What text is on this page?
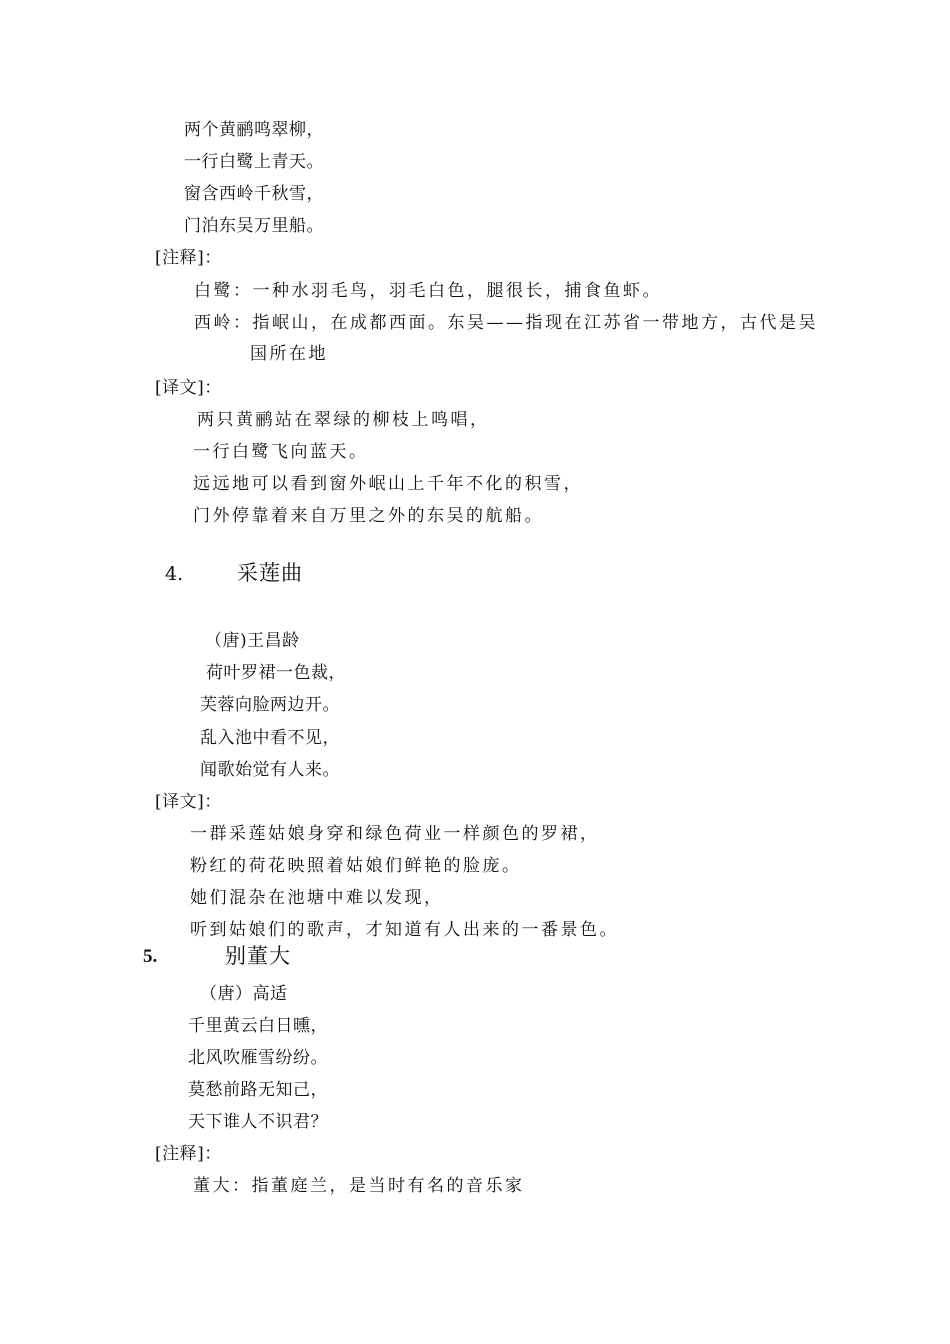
两个黄鹂鸣翠柳，
一行白鹭上青天。
窗含西岭千秋雪，
门泊东吴万里船。
[注释]：
白鹭：一种水羽毛鸟，羽毛白色，腿很长，捕食鱼虾。
西岭：指岷山，在成都西面。东吴——指现在江苏省一带地方，古代是吴
国所在地
[译文]：
两只黄鹂站在翠绿的柳枝上鸣唱，
一行白鹭飞向蓝天。
远远地可以看到窗外岷山上千年不化的积雪，
门外停靠着来自万里之外的东吴的航船。
4.	采莲曲
（唐)王昌龄
荷叶罗裙一色裁，
芙蓉向脸两边开。
乱入池中看不见，
闻歌始觉有人来。
[译文]：
一群采莲姑娘身穿和绿色荷业一样颜色的罗裙，
粉红的荷花映照着姑娘们鲜艳的脸庞。
她们混杂在池塘中难以发现，
听到姑娘们的歌声，才知道有人出来的一番景色。
5.	别董大
（唐）高适
千里黄云白日曛，
北风吹雁雪纷纷。
莫愁前路无知己，
天下谁人不识君？
[注释]：
董大：指董庭兰，是当时有名的音乐家
